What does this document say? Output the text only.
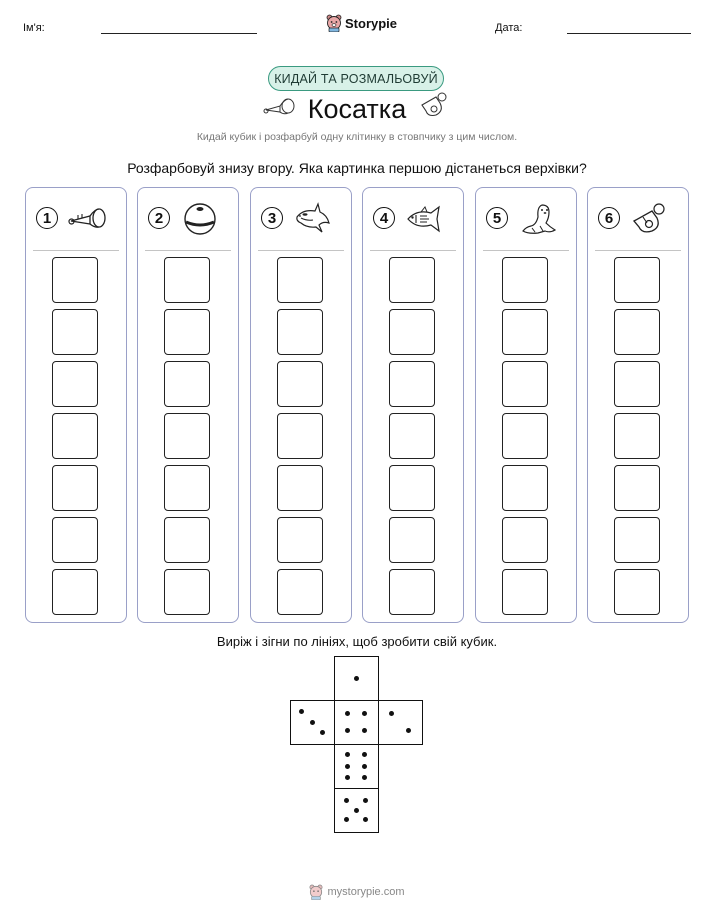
Ім'я:	Storypie	Дата:
КИДАЙ ТА РОЗМАЛЬОВУЙ
Косатка
Кидай кубик і розфарбуй одну клітинку в стовпчику з цим числом.
Розфарбовуй знизу вгору. Яка картинка першою дістанеться верхівки?
1	2	3	4	5	6
Виріж і зігни по лініях, щоб зробити свій кубик.
mystorypie.com
